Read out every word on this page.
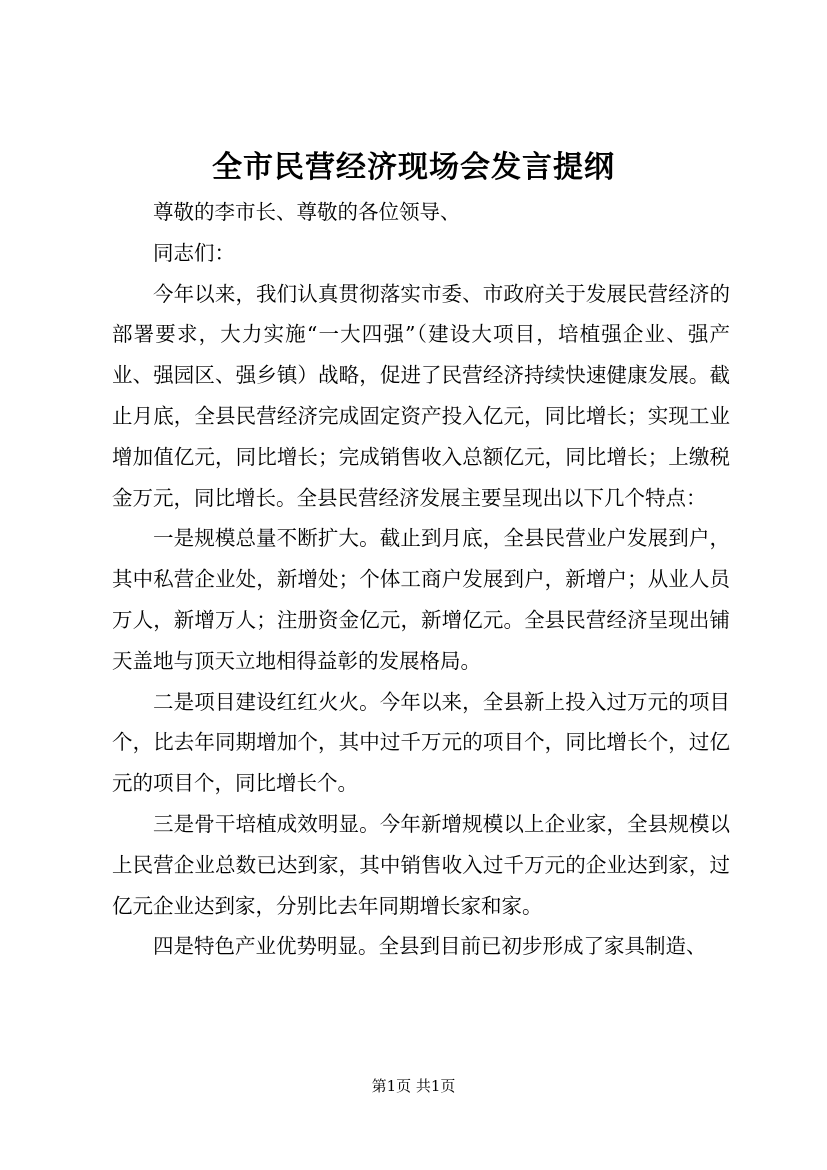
全市民营经济现场会发言提纲

尊敬的李市长、尊敬的各位领导、

同志们：

今年以来，我们认真贯彻落实市委、市政府关于发展民营经济的部署要求，大力实施“一大四强”（建设大项目，培植强企业、强产业、强园区、强乡镇）战略，促进了民营经济持续快速健康发展。截止月底，全县民营经济完成固定资产投入亿元，同比增长；实现工业增加值亿元，同比增长；完成销售收入总额亿元，同比增长；上缴税金万元，同比增长。全县民营经济发展主要呈现出以下几个特点：

一是规模总量不断扩大。截止到月底，全县民营业户发展到户，其中私营企业处，新增处；个体工商户发展到户，新增户；从业人员万人，新增万人；注册资金亿元，新增亿元。全县民营经济呈现出铺天盖地与顶天立地相得益彰的发展格局。

二是项目建设红红火火。今年以来，全县新上投入过万元的项目个，比去年同期增加个，其中过千万元的项目个，同比增长个，过亿元的项目个，同比增长个。

三是骨干培植成效明显。今年新增规模以上企业家，全县规模以上民营企业总数已达到家，其中销售收入过千万元的企业达到家，过亿元企业达到家，分别比去年同期增长家和家。

四是特色产业优势明显。全县到目前已初步形成了家具制造、

第1页 共1页
